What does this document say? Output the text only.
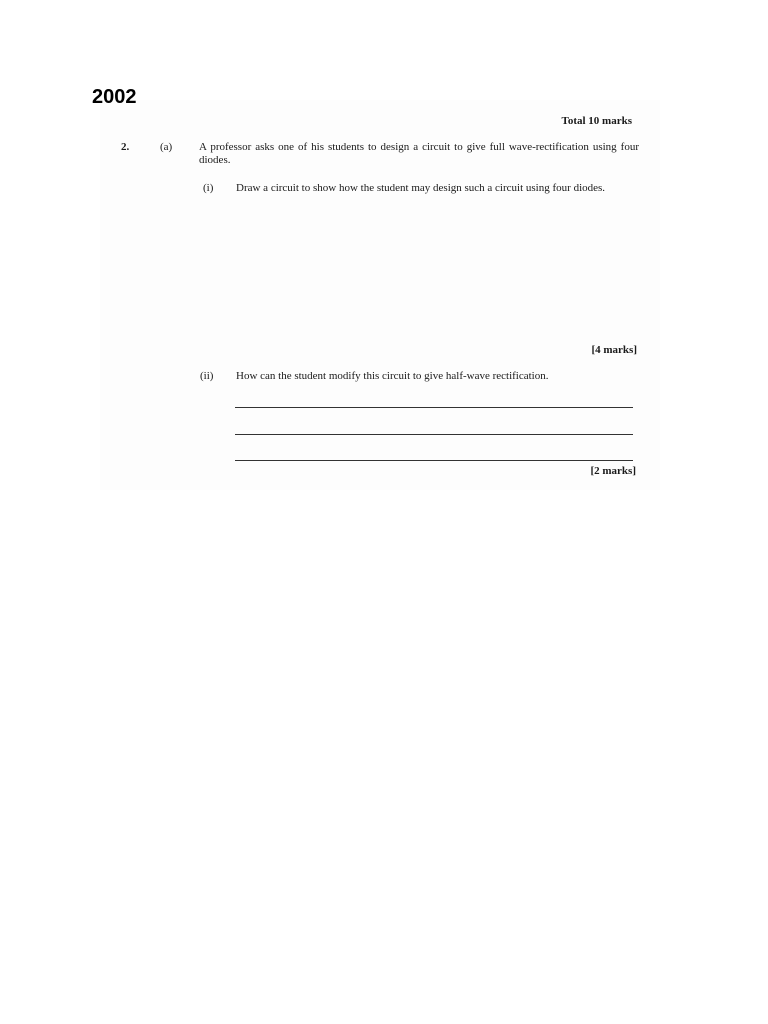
2002
Total 10 marks
2.	(a) A professor asks one of his students to design a circuit to give full wave-rectification using four diodes.
(i) Draw a circuit to show how the student may design such a circuit using four diodes.
[4 marks]
(ii) How can the student modify this circuit to give half-wave rectification.
[2 marks]
